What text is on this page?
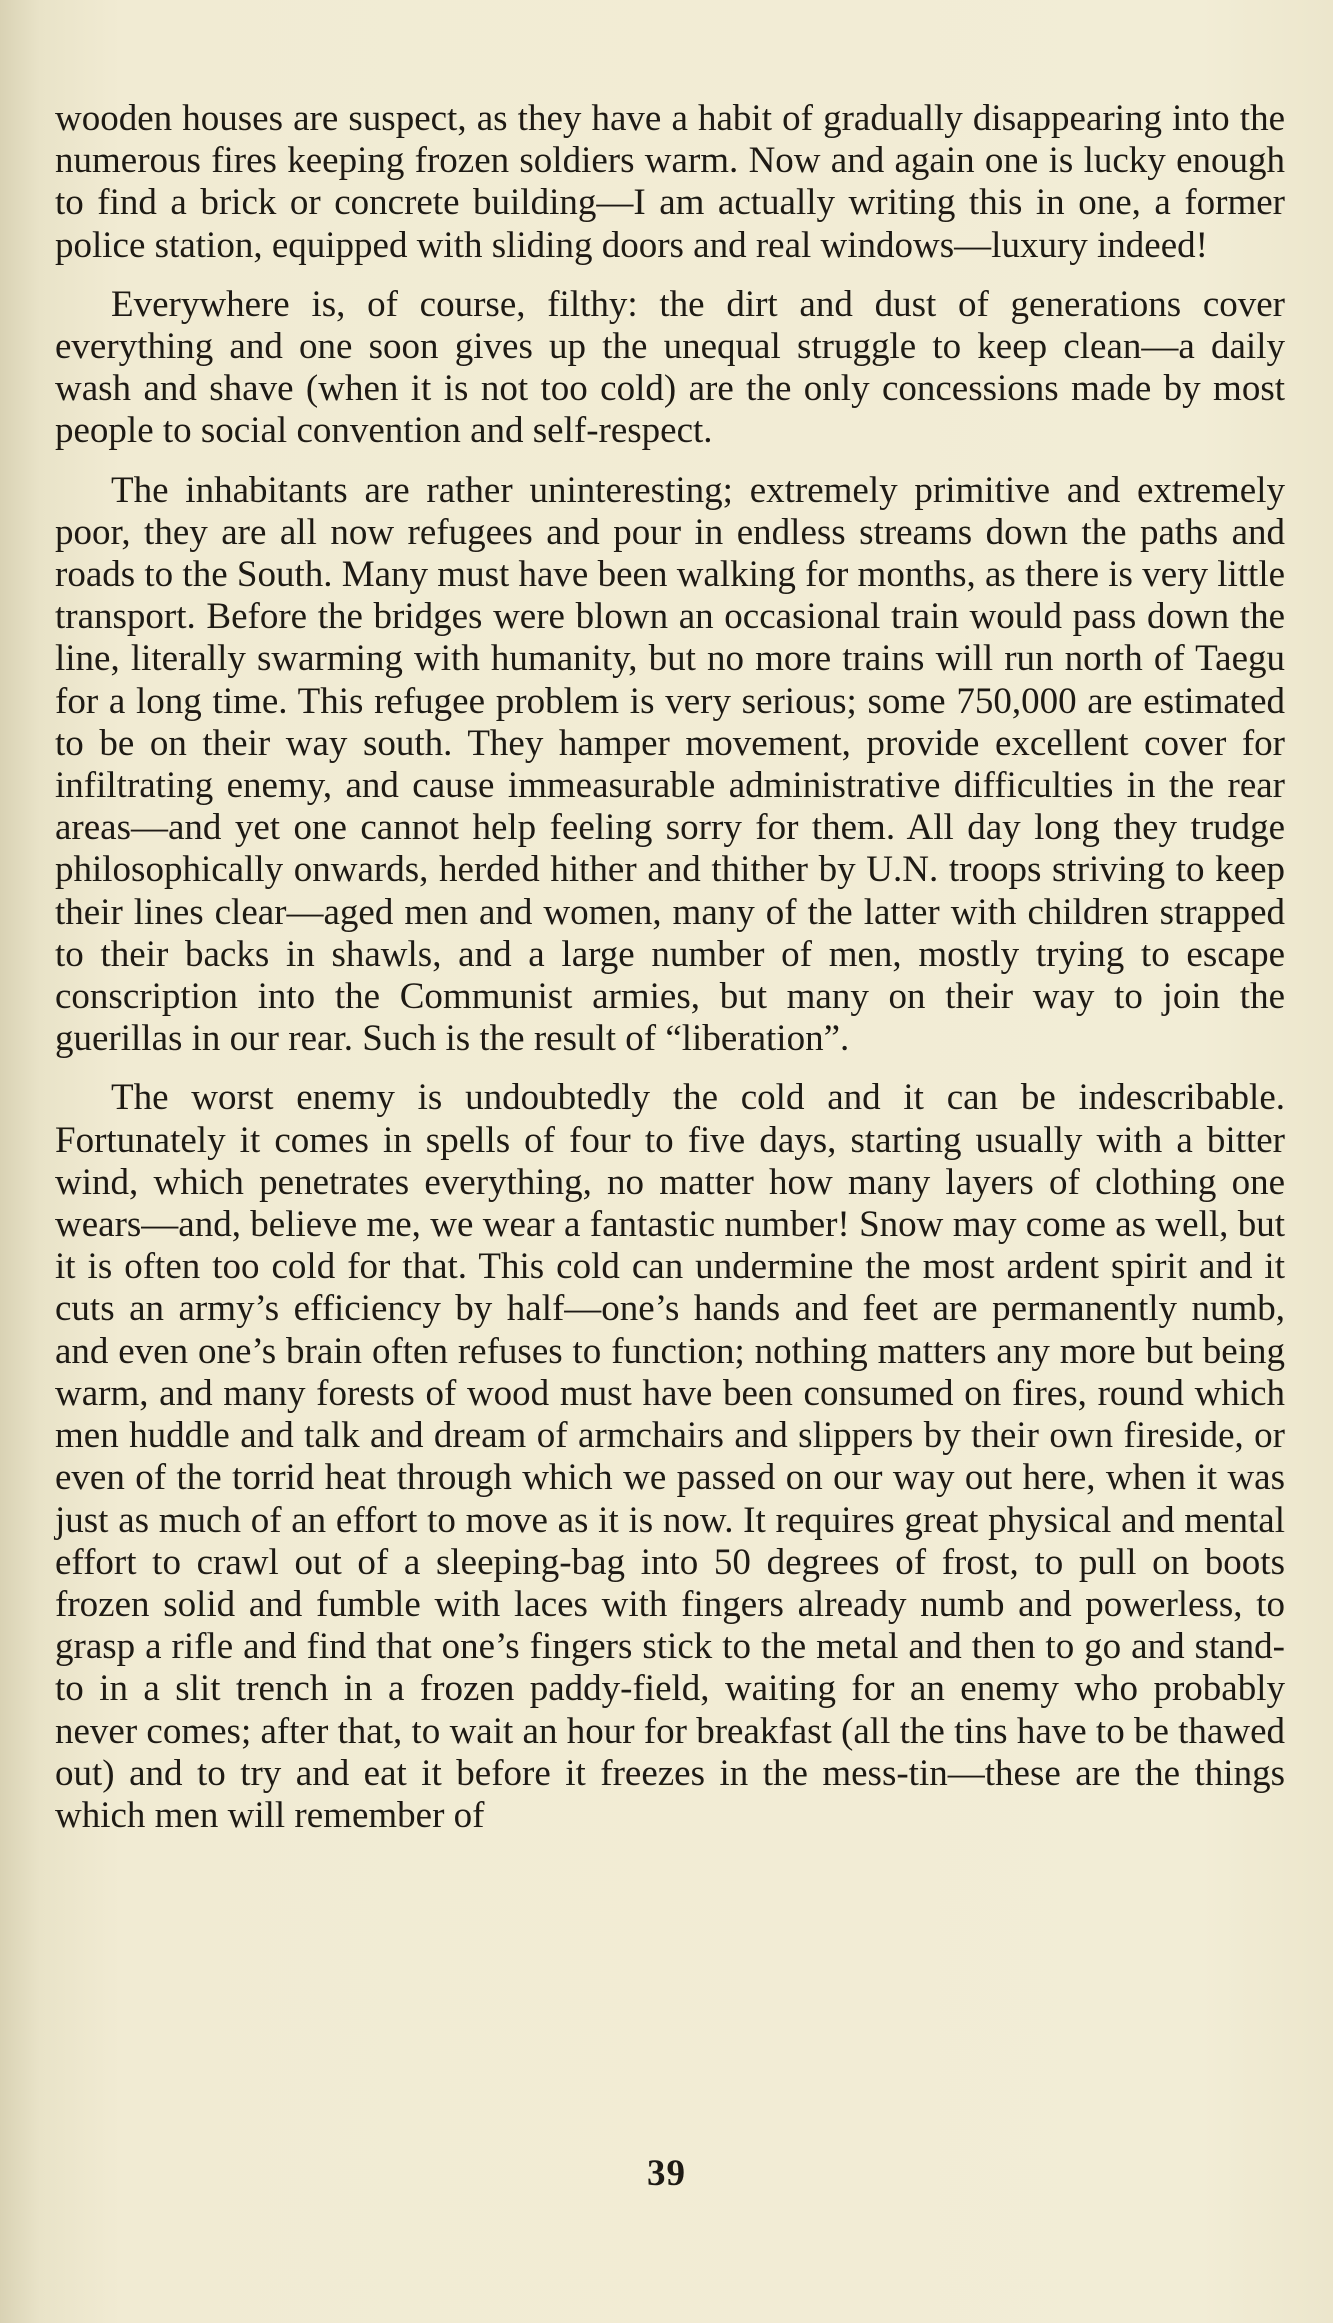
wooden houses are suspect, as they have a habit of gradually disappearing into the numerous fires keeping frozen soldiers warm. Now and again one is lucky enough to find a brick or concrete building—I am actually writing this in one, a former police station, equipped with sliding doors and real windows—luxury indeed!

Everywhere is, of course, filthy: the dirt and dust of generations cover everything and one soon gives up the unequal struggle to keep clean—a daily wash and shave (when it is not too cold) are the only concessions made by most people to social convention and self-respect.

The inhabitants are rather uninteresting; extremely primitive and extremely poor, they are all now refugees and pour in endless streams down the paths and roads to the South. Many must have been walking for months, as there is very little transport. Before the bridges were blown an occasional train would pass down the line, literally swarming with humanity, but no more trains will run north of Taegu for a long time. This refugee problem is very serious; some 750,000 are estimated to be on their way south. They hamper movement, provide excellent cover for infiltrating enemy, and cause immeasurable administrative difficulties in the rear areas—and yet one cannot help feeling sorry for them. All day long they trudge philosophically onwards, herded hither and thither by U.N. troops striving to keep their lines clear—aged men and women, many of the latter with children strapped to their backs in shawls, and a large number of men, mostly trying to escape conscription into the Communist armies, but many on their way to join the guerillas in our rear. Such is the result of “liberation”.

The worst enemy is undoubtedly the cold and it can be indescribable. Fortunately it comes in spells of four to five days, starting usually with a bitter wind, which penetrates everything, no matter how many layers of clothing one wears—and, believe me, we wear a fantastic number! Snow may come as well, but it is often too cold for that. This cold can undermine the most ardent spirit and it cuts an army’s efficiency by half—one’s hands and feet are permanently numb, and even one’s brain often refuses to function; nothing matters any more but being warm, and many forests of wood must have been consumed on fires, round which men huddle and talk and dream of armchairs and slippers by their own fireside, or even of the torrid heat through which we passed on our way out here, when it was just as much of an effort to move as it is now. It requires great physical and mental effort to crawl out of a sleeping-bag into 50 degrees of frost, to pull on boots frozen solid and fumble with laces with fingers already numb and powerless, to grasp a rifle and find that one’s fingers stick to the metal and then to go and stand-to in a slit trench in a frozen paddy-field, waiting for an enemy who probably never comes; after that, to wait an hour for breakfast (all the tins have to be thawed out) and to try and eat it before it freezes in the mess-tin—these are the things which men will remember of

39
